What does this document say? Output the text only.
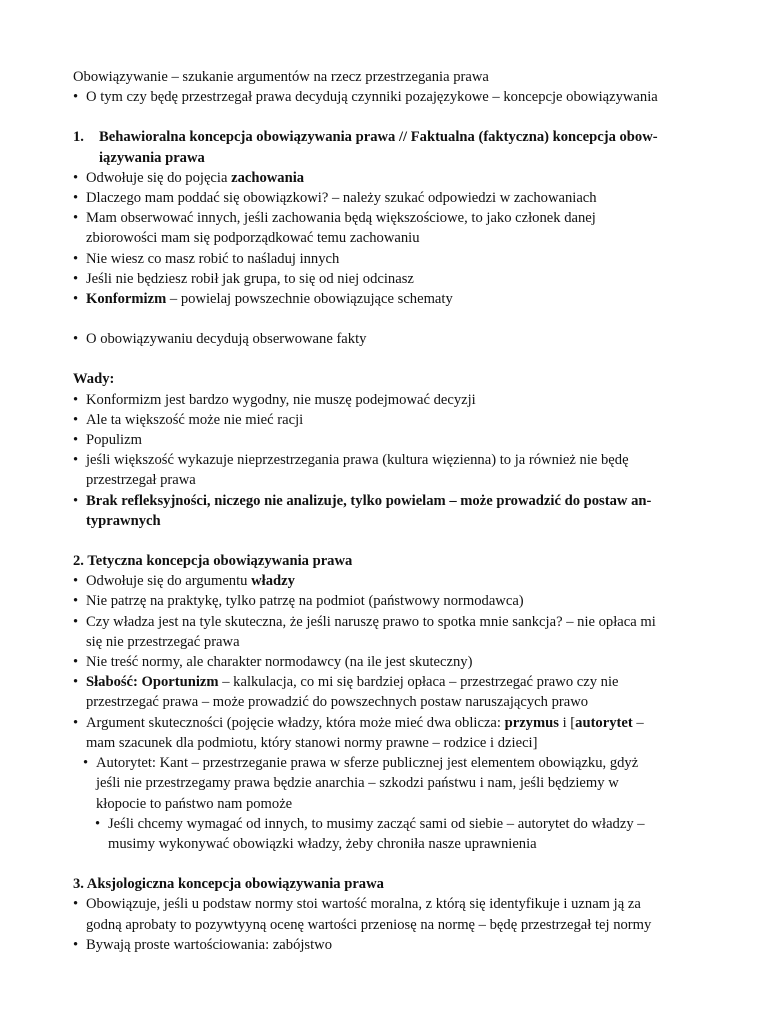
Obowiązywanie – szukanie argumentów na rzecz przestrzegania prawa

• O tym czy będę przestrzegał prawa decydują czynniki pozajęzykowe – koncepcje obowiązywania

1. Behawioralna koncepcja obowiązywania prawa // Faktualna (faktyczna) koncepcja obow-
iązywania prawa

• Odwołuje się do pojęcia zachowania

• Dlaczego mam poddać się obowiązkowi? – należy szukać odpowiedzi w zachowaniach

• Mam obserwować innych, jeśli zachowania będą większościowe, to jako członek danej
zbiorowości mam się podporządkować temu zachowaniu

• Nie wiesz co masz robić to naśladuj innych

• Jeśli nie będziesz robił jak grupa, to się od niej odcinasz

• Konformizm – powielaj powszechnie obowiązujące schematy

• O obowiązywaniu decydują obserwowane fakty

Wady:

• Konformizm jest bardzo wygodny, nie muszę podejmować decyzji

• Ale ta większość może nie mieć racji

• Populizm

• jeśli większość wykazuje nieprzestrzegania prawa (kultura więzienna) to ja również nie będę
przestrzegał prawa

• Brak refleksyjności, niczego nie analizuje, tylko powielam – może prowadzić do postaw an-
typrawnych

2. Tetyczna koncepcja obowiązywania prawa

• Odwołuje się do argumentu władzy

• Nie patrzę na praktykę, tylko patrzę na podmiot (państwowy normodawca)

• Czy władza jest na tyle skuteczna, że jeśli naruszę prawo to spotka mnie sankcja? – nie opłaca mi
się nie przestrzegać prawa

• Nie treść normy, ale charakter normodawcy (na ile jest skuteczny)

• Słabość: Oportunizm – kalkulacja, co mi się bardziej opłaca – przestrzegać prawo czy nie
przestrzegać prawa – może prowadzić do powszechnych postaw naruszających prawo

• Argument skuteczności (pojęcie władzy, która może mieć dwa oblicza: przymus i [autorytet –
mam szacunek dla podmiotu, który stanowi normy prawne – rodzice i dzieci]

• Autorytet: Kant – przestrzeganie prawa w sferze publicznej jest elementem obowiązku, gdyż
jeśli nie przestrzegamy prawa będzie anarchia – szkodzi państwu i nam, jeśli będziemy w
kłopocie to państwo nam pomoże

• Jeśli chcemy wymagać od innych, to musimy zacząć sami od siebie – autorytet do władzy –
musimy wykonywać obowiązki władzy, żeby chroniła nasze uprawnienia

3. Aksjologiczna koncepcja obowiązywania prawa

• Obowiązuje, jeśli u podstaw normy stoi wartość moralna, z którą się identyfikuje i uznam ją za
godną aprobaty to pozywtyyną ocenę wartości przeniosę na normę – będę przestrzegał tej normy

• Bywają proste wartościowania: zabójstwo
